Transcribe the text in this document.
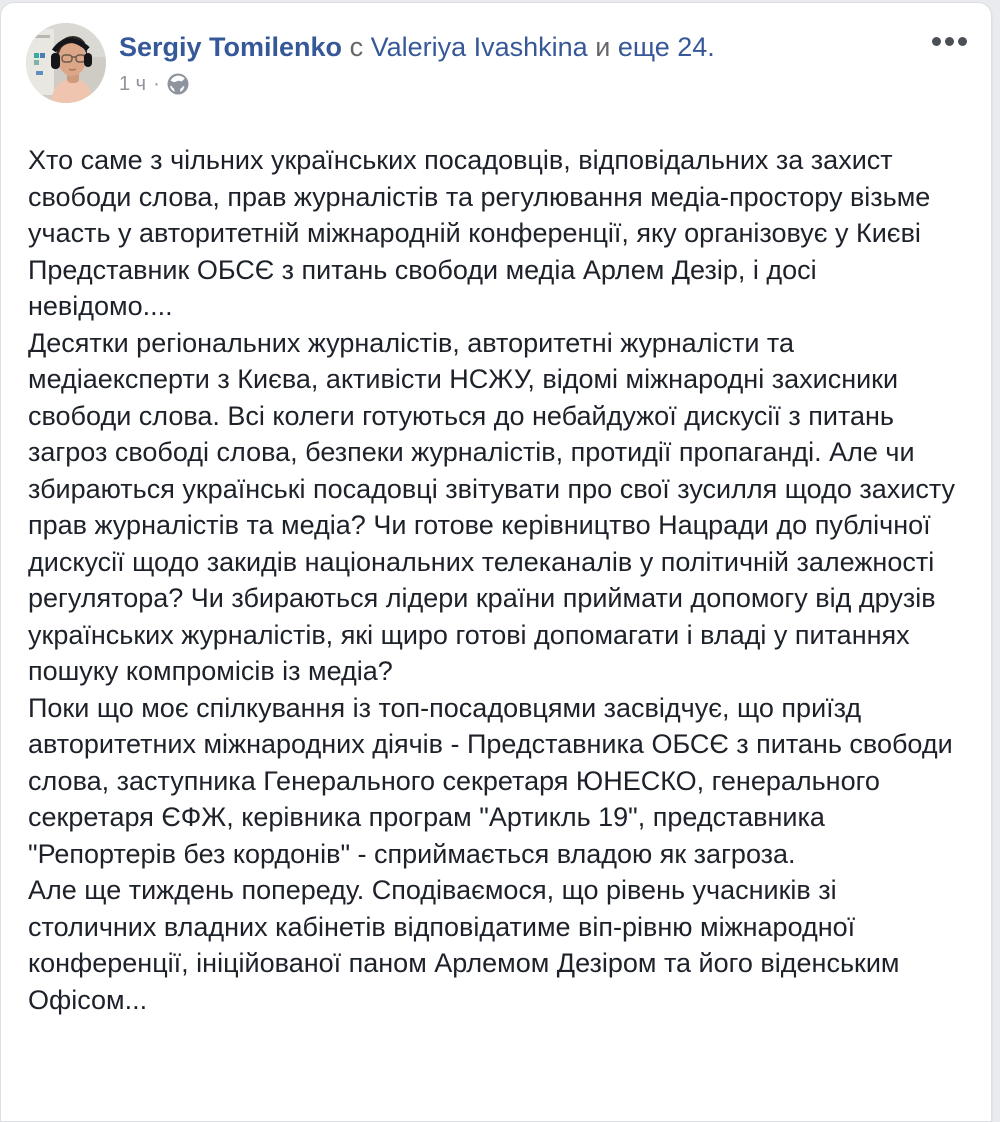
Sergiy Tomilenko с Valeriya Ivashkina и еще 24.
1 ч ·

Хто саме з чільних українських посадовців, відповідальних за захист свободи слова, прав журналістів та регулювання медіа-простору візьме участь у авторитетній міжнародній конференції, яку організовує у Києві Представник ОБСЄ з питань свободи медіа Арлем Дезір, і досі невідомо....

Десятки регіональних журналістів, авторитетні журналісти та медіаексперти з Києва, активісти НСЖУ, відомі міжнародні захисники свободи слова. Всі колеги готуються до небайдужої дискусії з питань загроз свободі слова, безпеки журналістів, протидії пропаганді. Але чи збираються українські посадовці звітувати про свої зусилля щодо захисту прав журналістів та медіа? Чи готове керівництво Нацради до публічної дискусії щодо закидів національних телеканалів у політичній залежності регулятора? Чи збираються лідери країни приймати допомогу від друзів українських журналістів, які щиро готові допомагати і владі у питаннях пошуку компромісів із медіа?

Поки що моє спілкування із топ-посадовцями засвідчує, що приїзд авторитетних міжнародних діячів - Представника ОБСЄ з питань свободи слова, заступника Генерального секретаря ЮНЕСКО, генерального секретаря ЄФЖ, керівника програм "Артикль 19", представника "Репортерів без кордонів" - сприймається владою як загроза.

Але ще тиждень попереду. Сподіваємося, що рівень учасників зі столичних владних кабінетів відповідатиме віп-рівню міжнародної конференції, ініційованої паном Арлемом Дезіром та його віденським Офісом...
